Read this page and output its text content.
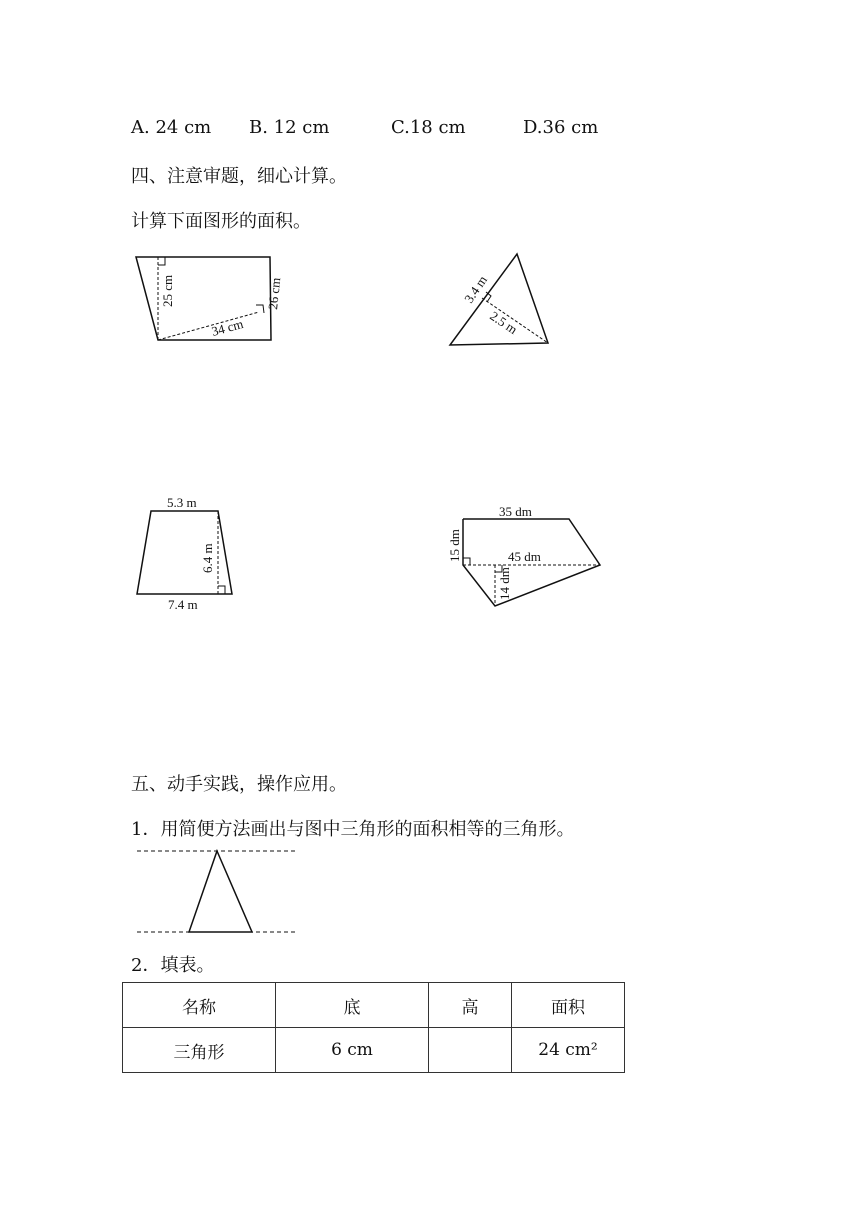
A. 24 cm B. 12 cm	C.18 cm	D.36 cm
四、注意审题，细心计算。
计算下面图形的面积。
25 cm	26 cm
34 cm
3.4 m
2.5 m
5.3 m
6.4 m
7.4 m
35 dm
15 dm	45 dm
14 dm
五、动手实践，操作应用。
1．用简便方法画出与图中三角形的面积相等的三角形。
2．填表。
名称	底	高	面积
三角形	6 cm		24 cm²
